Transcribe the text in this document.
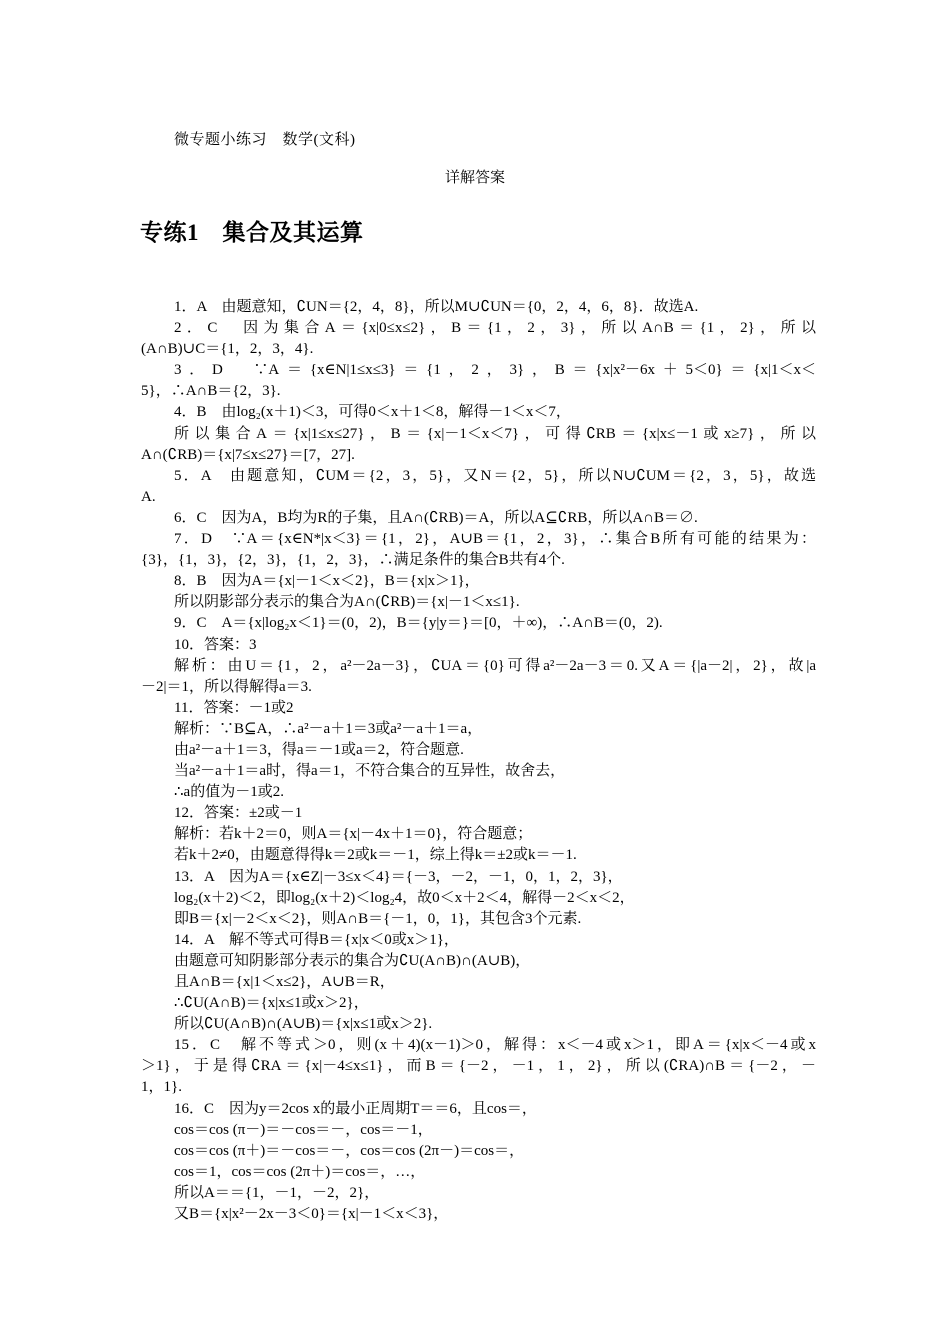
微专题小练习　数学(文科)
详解答案
专练1　集合及其运算
1．A　由题意知，∁UN＝{2，4，8}，所以M∪∁UN＝{0，2，4，6，8}．故选A.
2．C　因为集合A＝{x|0≤x≤2}，B＝{1，2，3}，所以A∩B＝{1，2}，所以
(A∩B)∪C＝{1，2，3，4}.
3．D　∵A＝{x∈N|1≤x≤3}＝{1，2，3}，B＝{x|x²－6x＋5＜0}＝{x|1＜x＜
5}，∴A∩B＝{2，3}.
4．B　由log₂(x＋1)＜3，可得0＜x＋1＜8，解得－1＜x＜7，
所以集合A＝{x|1≤x≤27}，B＝{x|－1＜x＜7}，可得∁RB＝{x|x≤－1或x≥7}，所以
A∩(∁RB)＝{x|7≤x≤27}＝[7，27].
5．A　由题意知，∁UM＝{2，3，5}，又N＝{2，5}，所以N∪∁UM＝{2，3，5}，故选
A.
6．C　因为A，B均为R的子集，且A∩(∁RB)＝A，所以A⊆∁RB，所以A∩B＝∅.
7．D　∵A＝{x∈N*|x＜3}＝{1，2}，A∪B＝{1，2，3}，∴集合B所有可能的结果为：
{3}，{1，3}，{2，3}，{1，2，3}，∴满足条件的集合B共有4个.
8．B　因为A＝{x|－1＜x＜2}，B＝{x|x＞1}，
所以阴影部分表示的集合为A∩(∁RB)＝{x|－1＜x≤1}.
9．C　A＝{x|log₂x＜1}＝(0，2)，B＝{y|y＝}＝[0，＋∞)，∴A∩B＝(0，2).
10．答案：3
解析：由U＝{1，2，a²－2a－3}，∁UA＝{0}可得a²－2a－3＝0.又A＝{|a－2|，2}，故|a
－2|＝1，所以得解得a＝3.
11．答案：－1或2
解析：∵B⊆A，∴a²－a＋1＝3或a²－a＋1＝a，
由a²－a＋1＝3，得a＝－1或a＝2，符合题意.
当a²－a＋1＝a时，得a＝1，不符合集合的互异性，故舍去，
∴a的值为－1或2.
12．答案：±2或－1
解析：若k＋2＝0，则A＝{x|－4x＋1＝0}，符合题意；
若k＋2≠0，由题意得得k＝2或k＝－1，综上得k＝±2或k＝－1.
13．A　因为A＝{x∈Z|－3≤x＜4}＝{－3，－2，－1，0，1，2，3}，
log₂(x＋2)＜2，即log₂(x＋2)＜log₂4，故0＜x＋2＜4，解得－2＜x＜2，
即B＝{x|－2＜x＜2}，则A∩B＝{－1，0，1}，其包含3个元素.
14．A　解不等式可得B＝{x|x＜0或x＞1}，
由题意可知阴影部分表示的集合为∁U(A∩B)∩(A∪B)，
且A∩B＝{x|1＜x≤2}，A∪B＝R，
∴∁U(A∩B)＝{x|x≤1或x＞2}，
所以∁U(A∩B)∩(A∪B)＝{x|x≤1或x＞2}.
15．C　解不等式＞0，则(x＋4)(x－1)＞0，解得：x＜－4或x＞1，即A＝{x|x＜－4或x
＞1}，于是得∁RA＝{x|－4≤x≤1}，而B＝{－2，－1，1，2}，所以(∁RA)∩B＝{－2，－
1，1}.
16．C　因为y＝2cos x的最小正周期T＝＝6，且cos＝，
cos＝cos (π－)＝－cos＝－，cos＝－1，
cos＝cos (π＋)＝－cos＝－，cos＝cos (2π－)＝cos＝，
cos＝1，cos＝cos (2π＋)＝cos＝，…，
所以A＝＝{1，－1，－2，2}，
又B＝{x|x²－2x－3＜0}＝{x|－1＜x＜3}，
